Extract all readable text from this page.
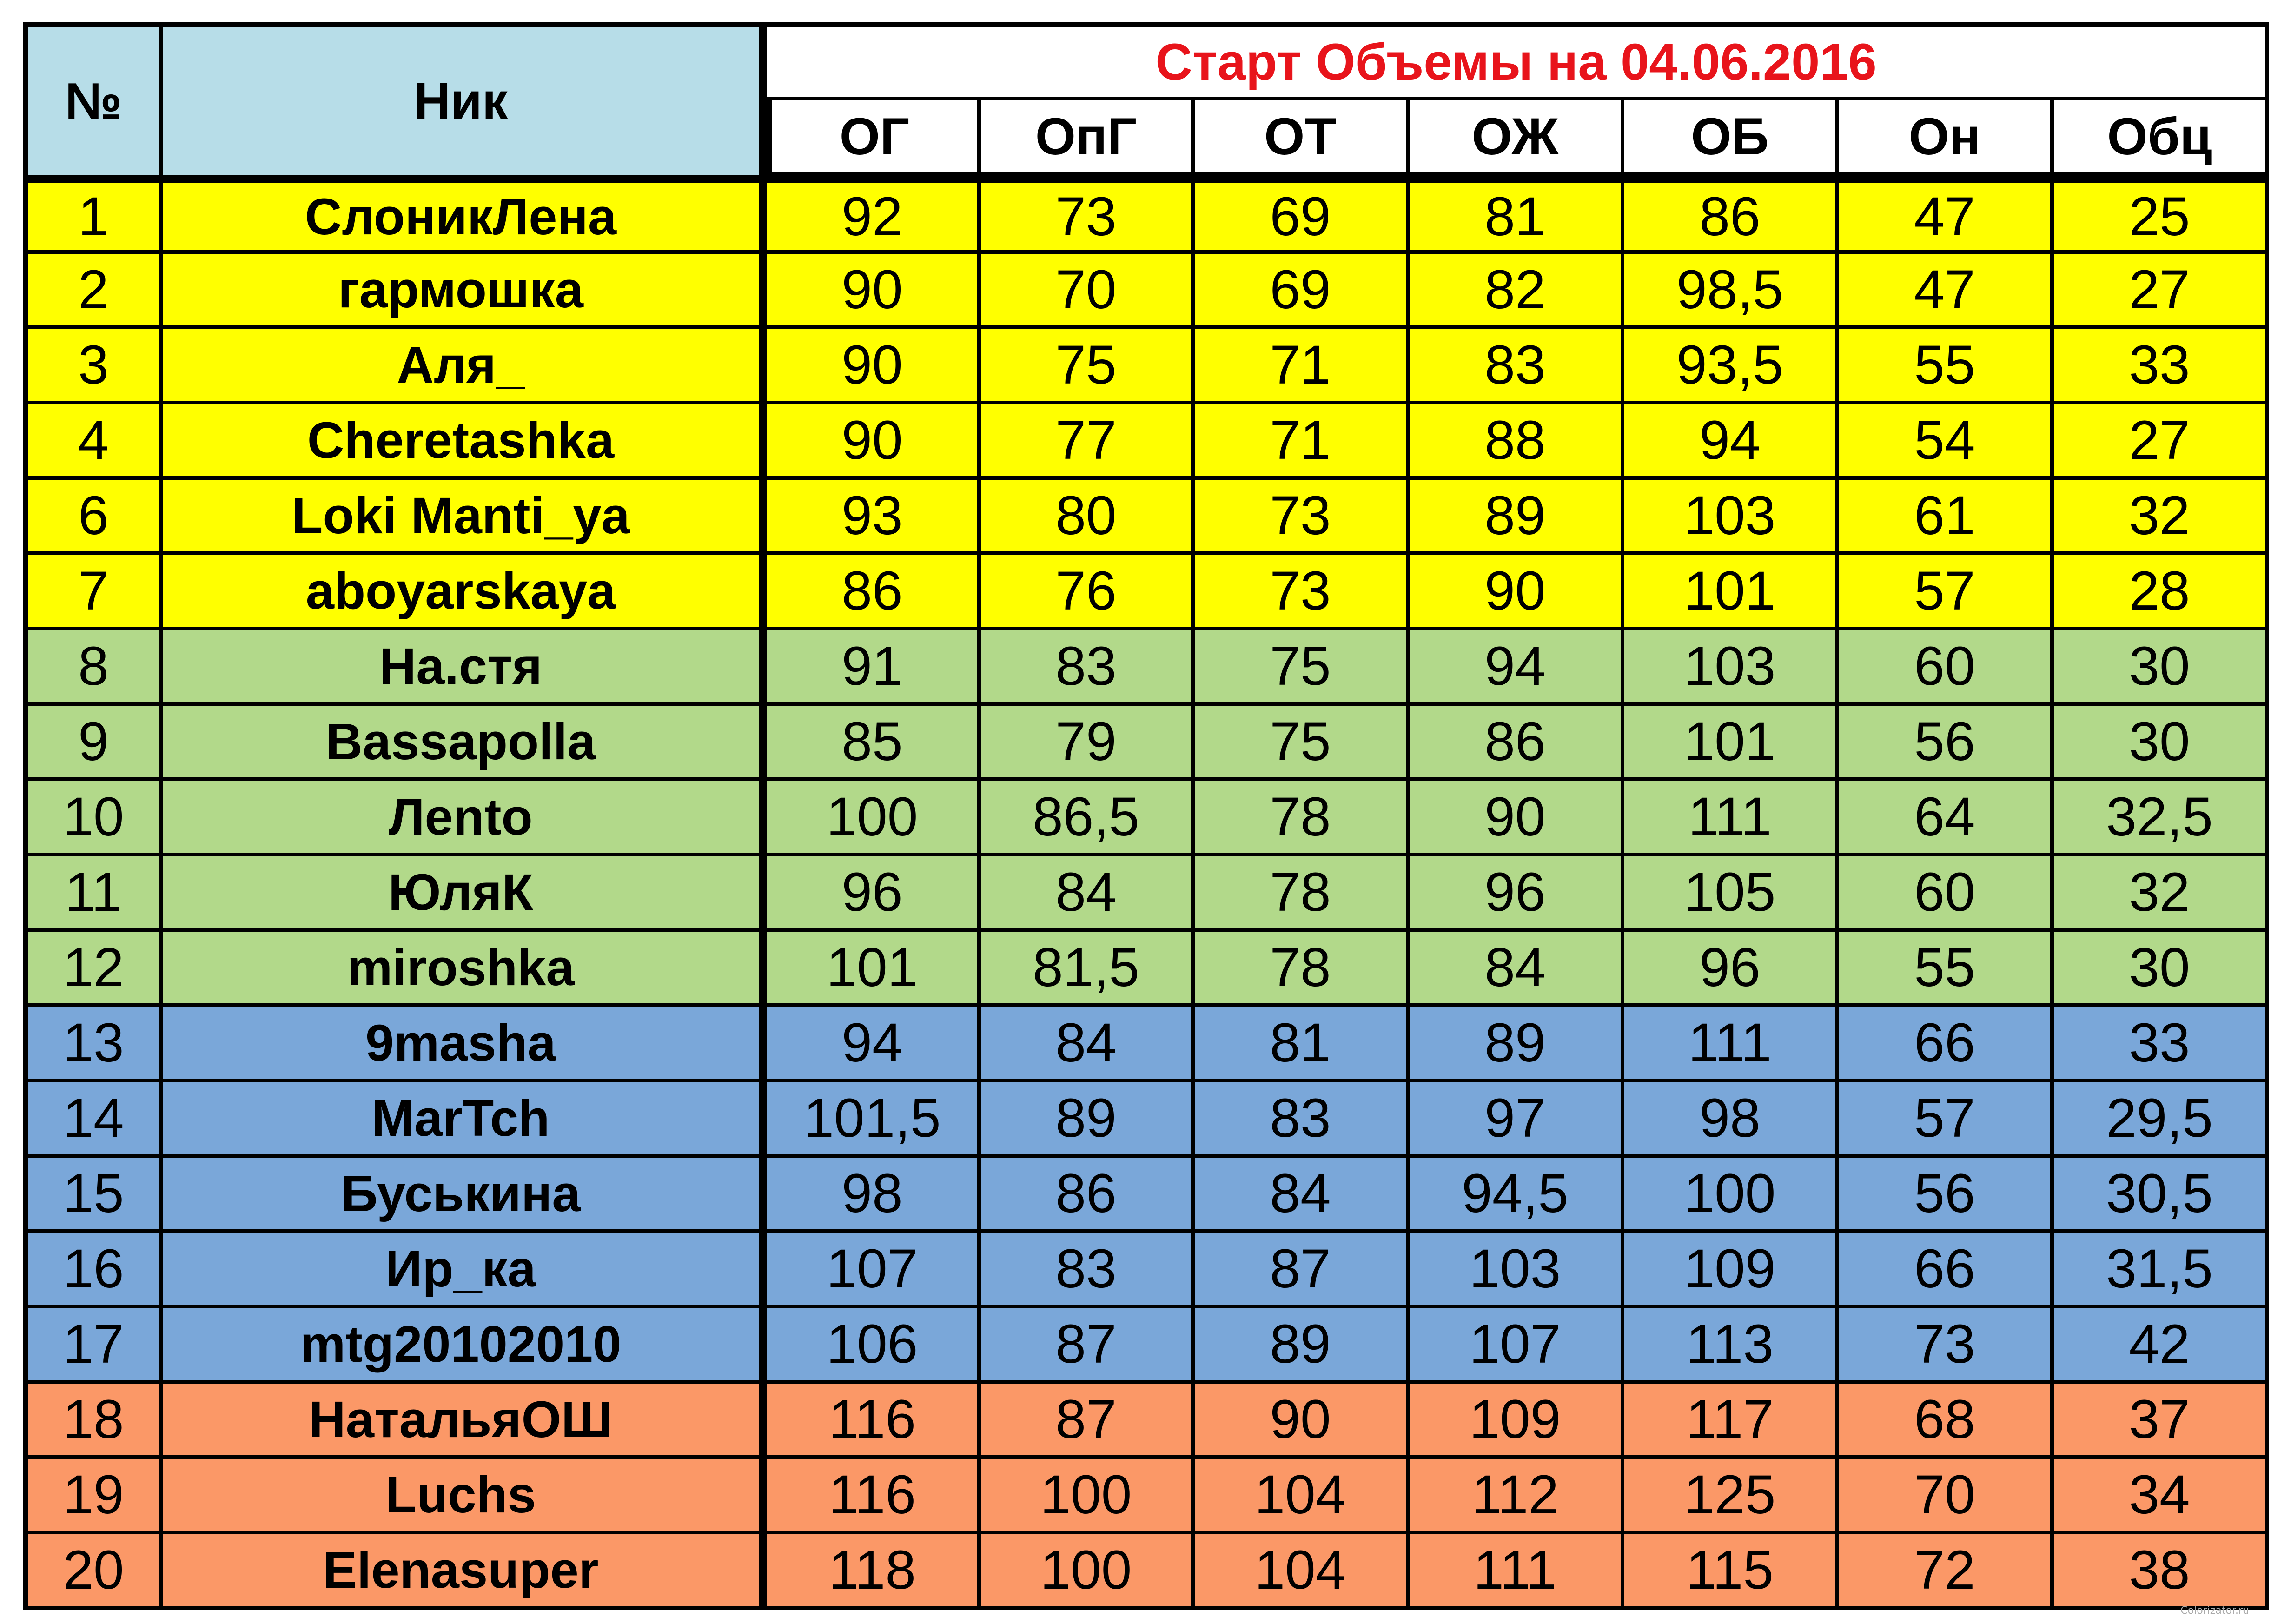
№	Ник	Старт Объемы на 04.06.2016						
		ОГ	ОпГ	ОТ	ОЖ	ОБ	Он	Обц
1	СлоникЛена	92	73	69	81	86	47	25
2	гармошка	90	70	69	82	98,5	47	27
3	Аля_	90	75	71	83	93,5	55	33
4	Cheretashka	90	77	71	88	94	54	27
6	Loki Manti_ya	93	80	73	89	103	61	32
7	aboyarskaya	86	76	73	90	101	57	28
8	На.стя	91	83	75	94	103	60	30
9	Bassapolla	85	79	75	86	101	56	30
10	Лento	100	86,5	78	90	111	64	32,5
11	ЮляК	96	84	78	96	105	60	32
12	miroshka	101	81,5	78	84	96	55	30
13	9masha	94	84	81	89	111	66	33
14	MarTch	101,5	89	83	97	98	57	29,5
15	Буськина	98	86	84	94,5	100	56	30,5
16	Ир_ка	107	83	87	103	109	66	31,5
17	mtg20102010	106	87	89	107	113	73	42
18	НатальяОШ	116	87	90	109	117	68	37
19	Luchs	116	100	104	112	125	70	34
20	Elenasuper	118	100	104	111	115	72	38
Colorizator.ru
